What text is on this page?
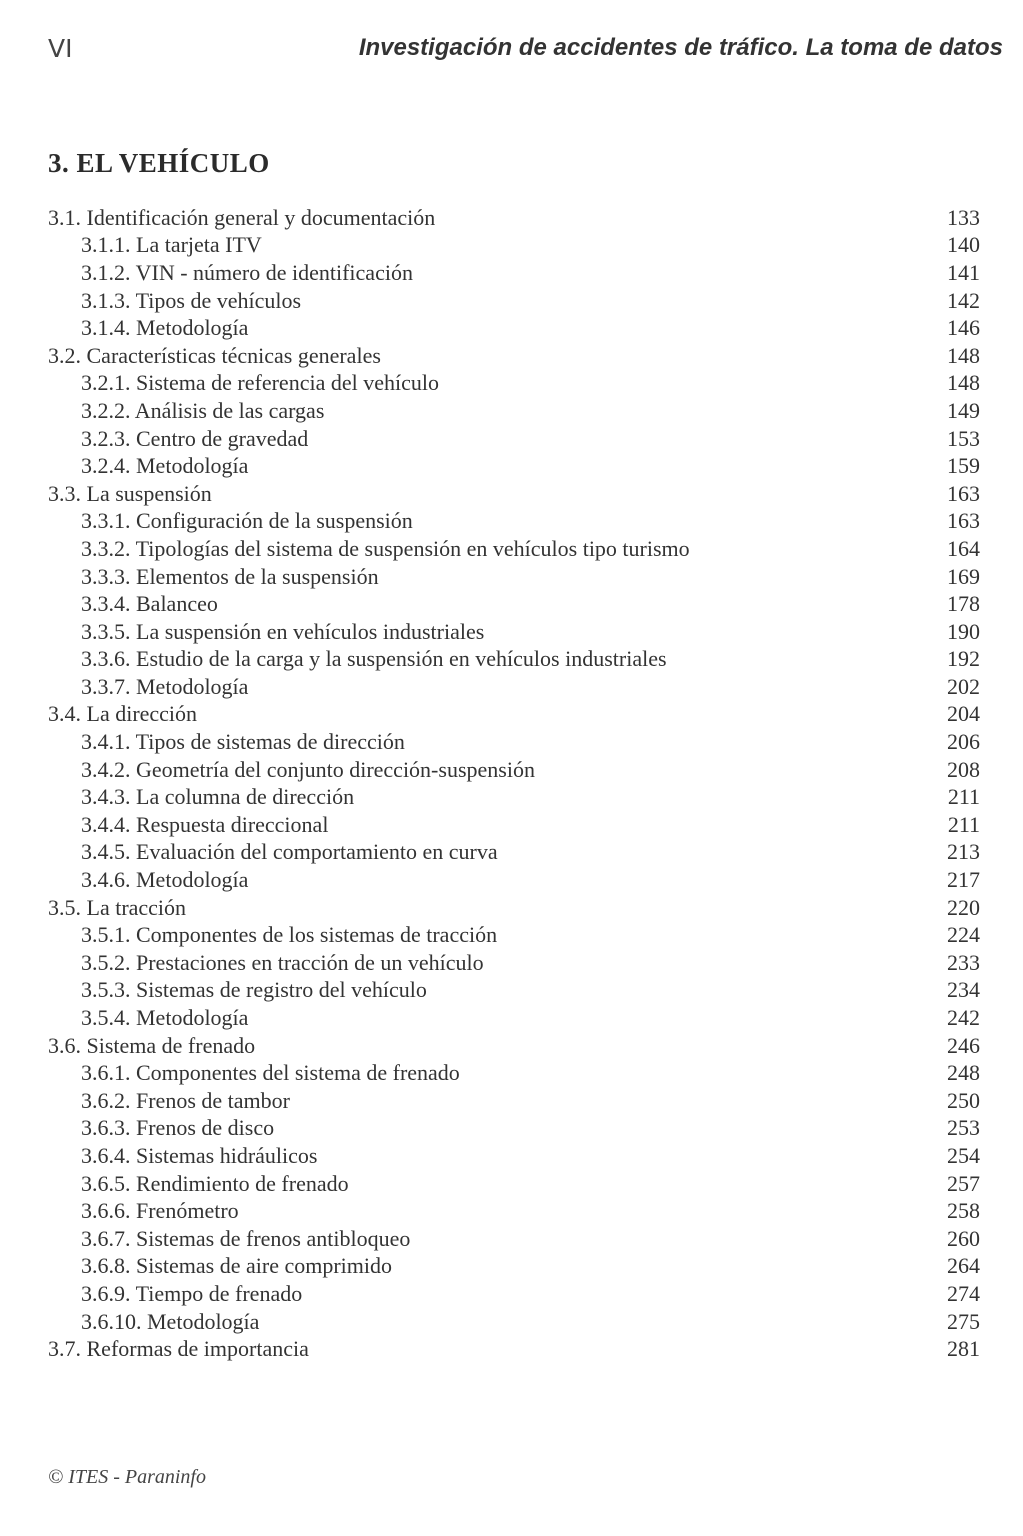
VI	Investigación de accidentes de tráfico. La toma de datos
3. EL VEHÍCULO
3.1. Identificación general y documentación	133
3.1.1. La tarjeta ITV	140
3.1.2. VIN - número de identificación	141
3.1.3. Tipos de vehículos	142
3.1.4. Metodología	146
3.2. Características técnicas generales	148
3.2.1. Sistema de referencia del vehículo	148
3.2.2. Análisis de las cargas	149
3.2.3. Centro de gravedad	153
3.2.4. Metodología	159
3.3. La suspensión	163
3.3.1. Configuración de la suspensión	163
3.3.2. Tipologías del sistema de suspensión en vehículos tipo turismo	164
3.3.3. Elementos de la suspensión	169
3.3.4. Balanceo	178
3.3.5. La suspensión en vehículos industriales	190
3.3.6. Estudio de la carga y la suspensión en vehículos industriales	192
3.3.7. Metodología	202
3.4. La dirección	204
3.4.1. Tipos de sistemas de dirección	206
3.4.2. Geometría del conjunto dirección-suspensión	208
3.4.3. La columna de dirección	211
3.4.4. Respuesta direccional	211
3.4.5. Evaluación del comportamiento en curva	213
3.4.6. Metodología	217
3.5. La tracción	220
3.5.1. Componentes de los sistemas de tracción	224
3.5.2. Prestaciones en tracción de un vehículo	233
3.5.3. Sistemas de registro del vehículo	234
3.5.4. Metodología	242
3.6. Sistema de frenado	246
3.6.1. Componentes del sistema de frenado	248
3.6.2. Frenos de tambor	250
3.6.3. Frenos de disco	253
3.6.4. Sistemas hidráulicos	254
3.6.5. Rendimiento de frenado	257
3.6.6. Frenómetro	258
3.6.7. Sistemas de frenos antibloqueo	260
3.6.8. Sistemas de aire comprimido	264
3.6.9. Tiempo de frenado	274
3.6.10. Metodología	275
3.7. Reformas de importancia	281
© ITES - Paraninfo
